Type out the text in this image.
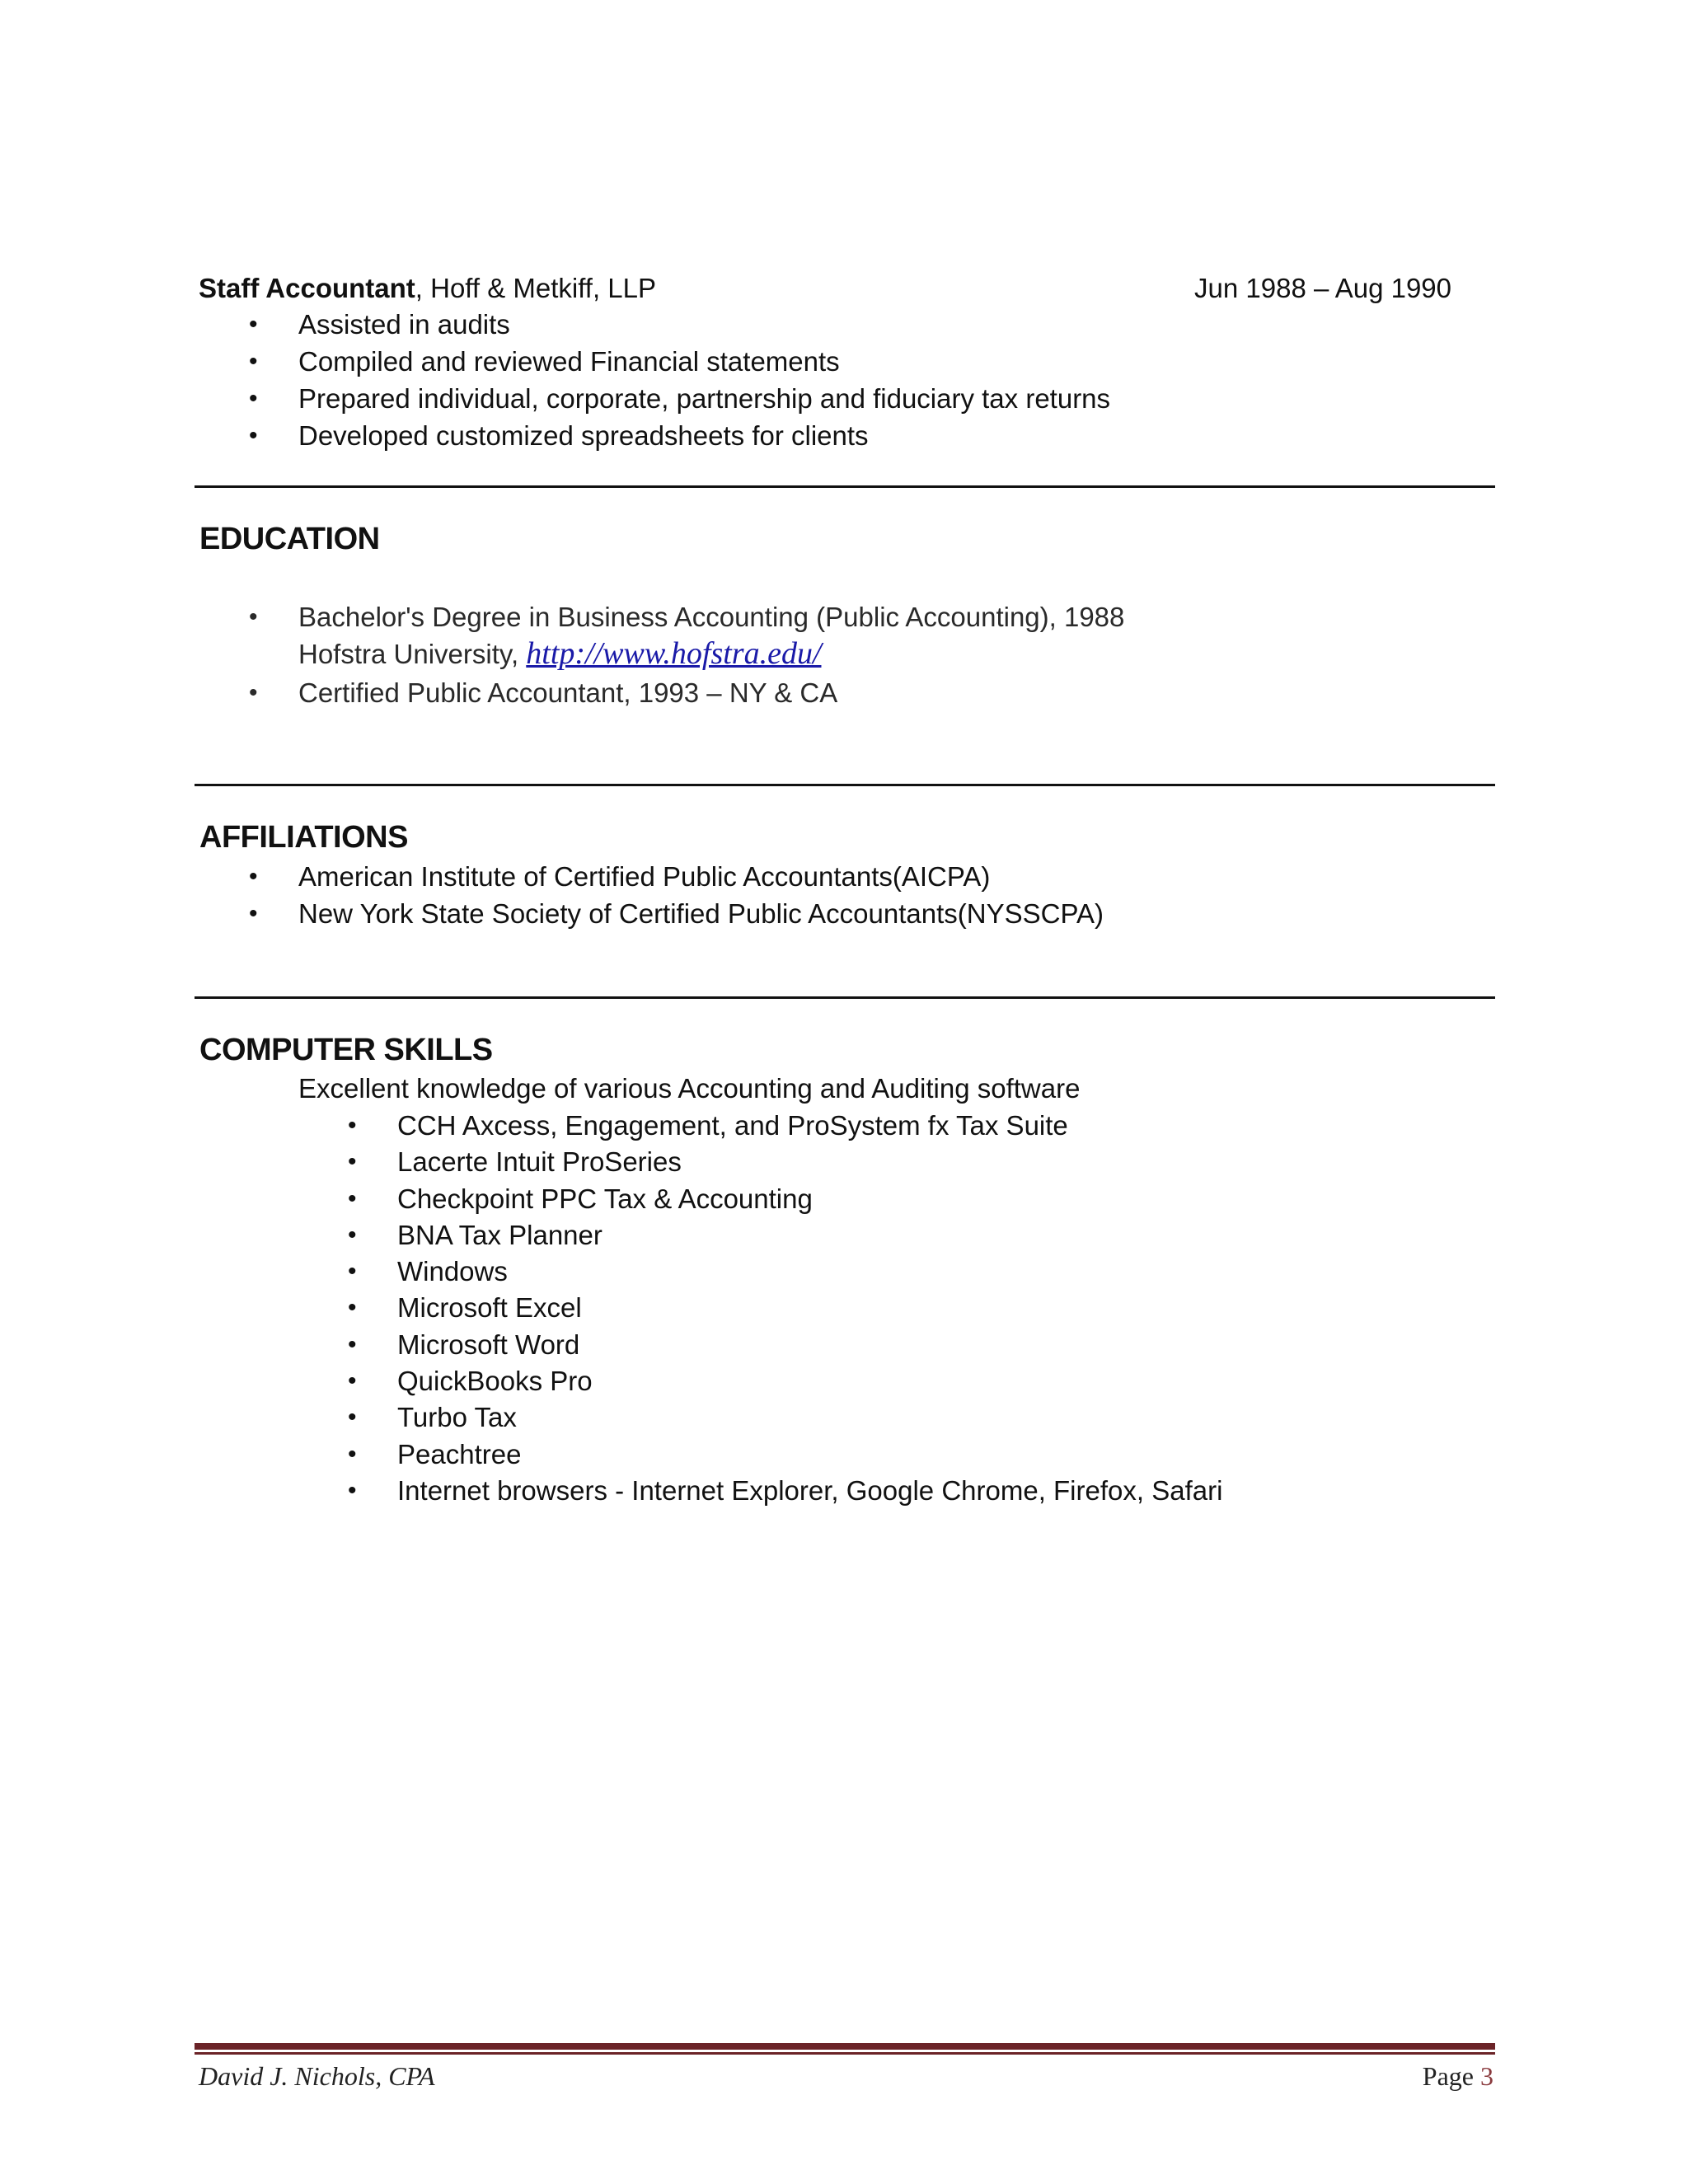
Staff Accountant, Hoff & Metkiff, LLP	Jun 1988 – Aug 1990
• Assisted in audits
• Compiled and reviewed Financial statements
• Prepared individual, corporate, partnership and fiduciary tax returns
• Developed customized spreadsheets for clients
EDUCATION
• Bachelor's Degree in Business Accounting (Public Accounting), 1988
Hofstra University, http://www.hofstra.edu/
• Certified Public Accountant, 1993 – NY & CA
AFFILIATIONS
• American Institute of Certified Public Accountants(AICPA)
• New York State Society of Certified Public Accountants(NYSSCPA)
COMPUTER SKILLS
Excellent knowledge of various Accounting and Auditing software
• CCH Axcess, Engagement, and ProSystem fx Tax Suite
• Lacerte Intuit ProSeries
• Checkpoint PPC Tax & Accounting
• BNA Tax Planner
• Windows
• Microsoft Excel
• Microsoft Word
• QuickBooks Pro
• Turbo Tax
• Peachtree
• Internet browsers - Internet Explorer, Google Chrome, Firefox, Safari
David J. Nichols, CPA	Page 3
